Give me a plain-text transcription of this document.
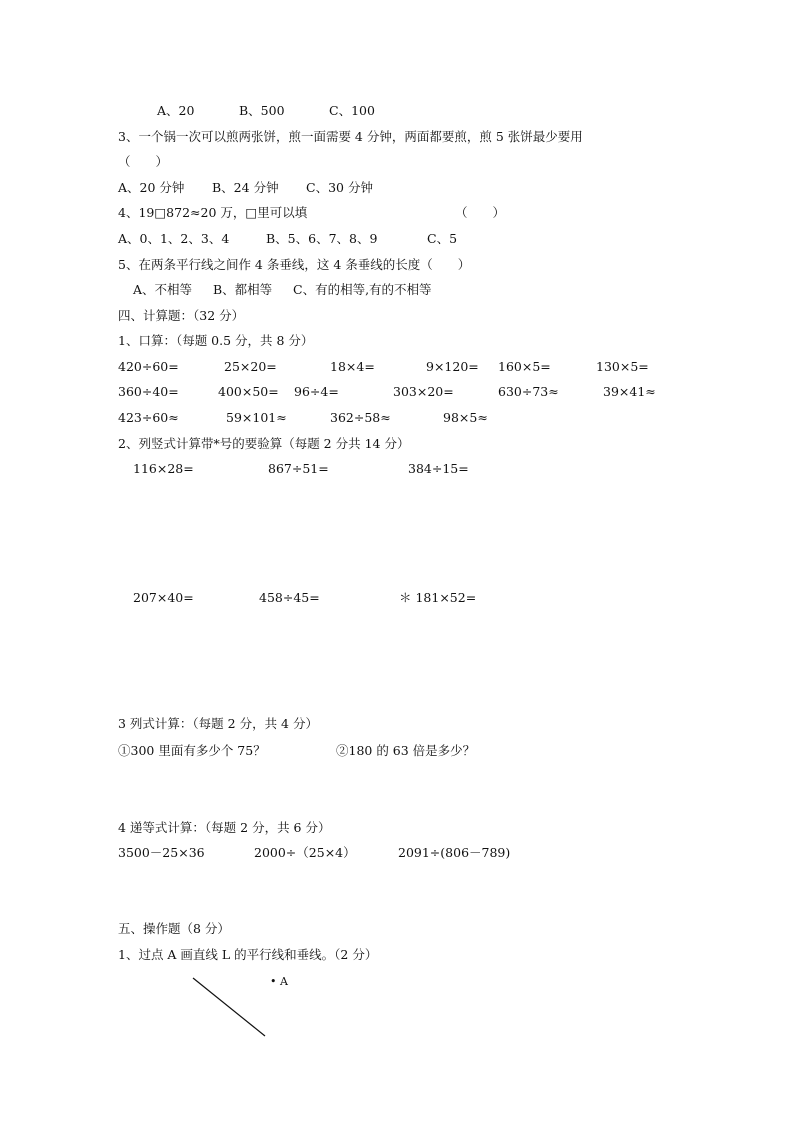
A、20	B、500	C、100
3、一个锅一次可以煎两张饼，煎一面需要 4 分钟，两面都要煎，煎 5 张饼最少要用
（　　）
A、20 分钟 B、24 分钟 C、30 分钟
4、19□872≈20 万，□里可以填	（　　）
A、0、1、2、3、4	B、5、6、7、8、9	C、5
5、在两条平行线之间作 4 条垂线，这 4 条垂线的长度（　　）
A、不相等 B、都相等 C、有的相等,有的不相等
四、计算题：（32 分）
1、口算：（每题 0.5 分，共 8 分）
420÷60=	25×20=	18×4=	9×120= 160×5=	130×5=
360÷40=	400×50= 96÷4=	303×20=	630÷73≈	39×41≈
423÷60≈	59×101≈	362÷58≈	98×5≈
2、列竖式计算带*号的要验算（每题 2 分共 14 分）
116×28=	867÷51=	384÷15=
207×40=	458÷45=	＊ 181×52=
3 列式计算：（每题 2 分，共 4 分）
①300 里面有多少个 75？	②180 的 63 倍是多少？
4 递等式计算：（每题 2 分，共 6 分）
3500－25×36	2000÷（25×4）	2091÷(806－789)
五、操作题（8 分）
1、过点 A 画直线 L 的平行线和垂线。（2 分）
• A
